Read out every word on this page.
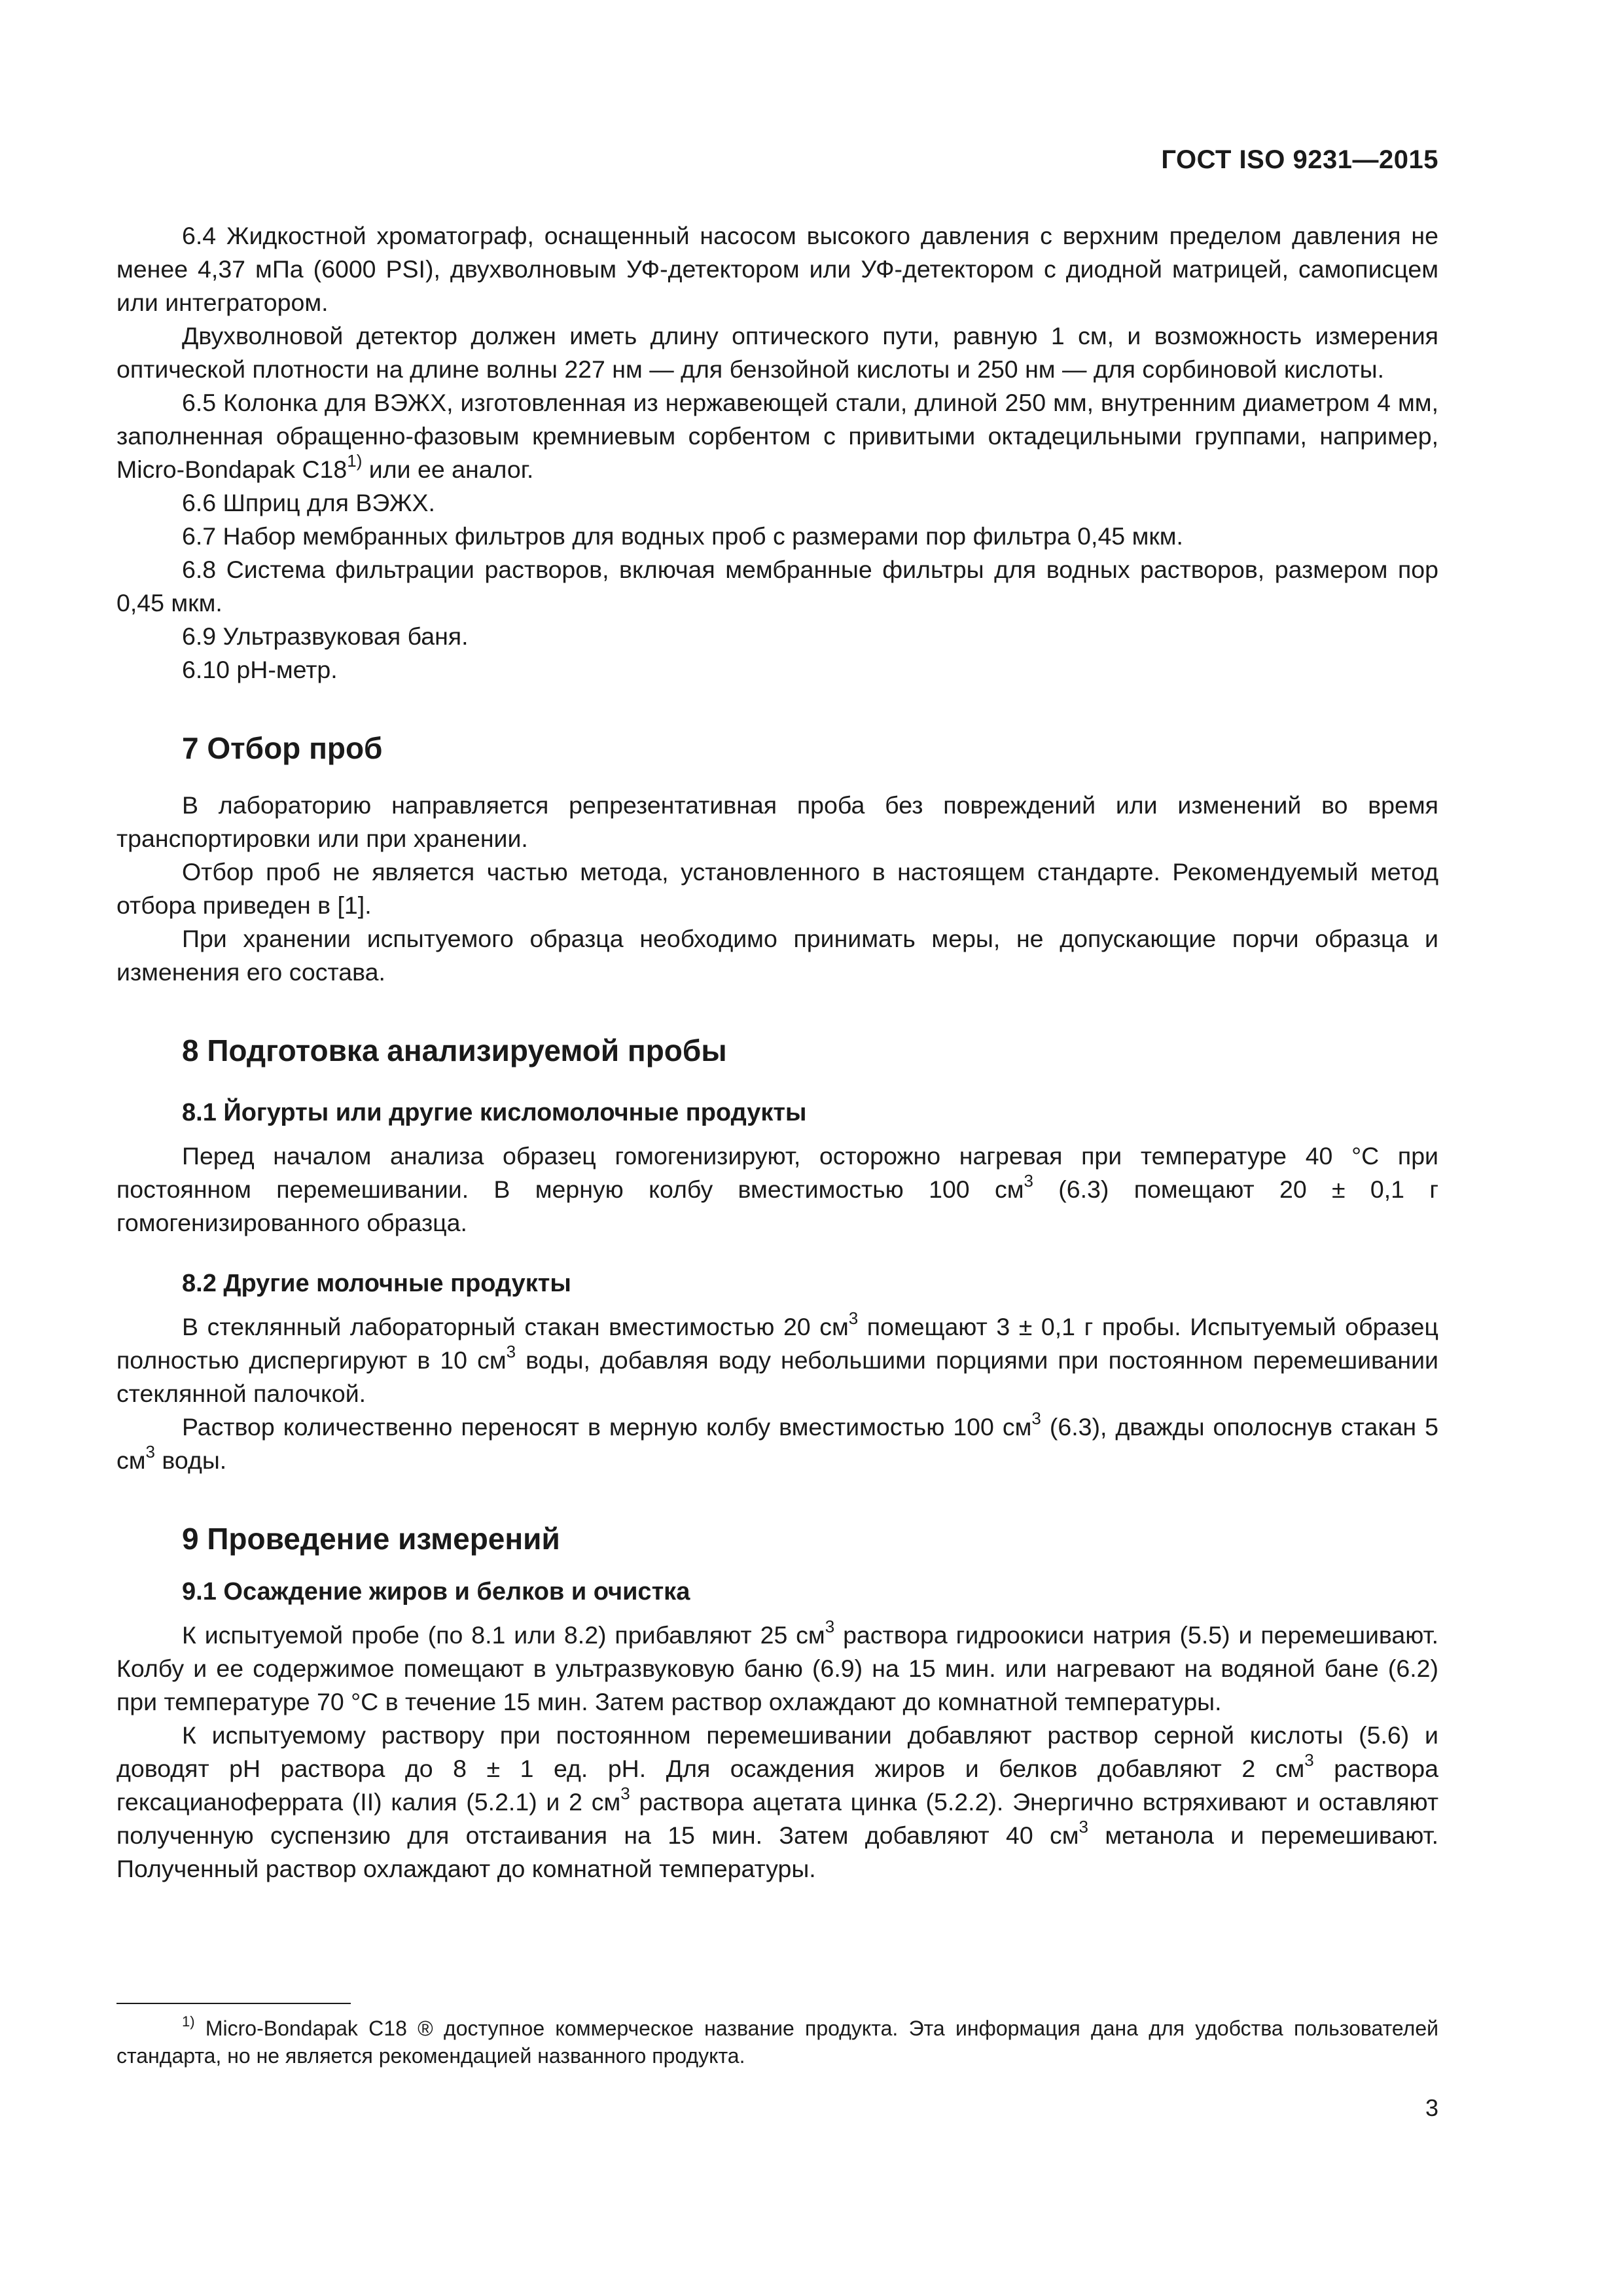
ГОСТ ISO 9231—2015

6.4 Жидкостной хроматограф, оснащенный насосом высокого давления с верхним пределом давления не менее 4,37 мПа (6000 PSI), двухволновым УФ-детектором или УФ-детектором с диодной матрицей, самописцем или интегратором.

Двухволновой детектор должен иметь длину оптического пути, равную 1 см, и возможность измерения оптической плотности на длине волны 227 нм — для бензойной кислоты и 250 нм — для сорбиновой кислоты.

6.5 Колонка для ВЭЖХ, изготовленная из нержавеющей стали, длиной 250 мм, внутренним диаметром 4 мм, заполненная обращенно-фазовым кремниевым сорбентом с привитыми октадецильными группами, например, Micro-Bondapak C18$^{1)}$ или ее аналог.

6.6 Шприц для ВЭЖХ.

6.7 Набор мембранных фильтров для водных проб с размерами пор фильтра 0,45 мкм.

6.8 Система фильтрации растворов, включая мембранные фильтры для водных растворов, размером пор 0,45 мкм.

6.9 Ультразвуковая баня.

6.10 pH-метр.

7 Отбор проб

В лабораторию направляется репрезентативная проба без повреждений или изменений во время транспортировки или при хранении.

Отбор проб не является частью метода, установленного в настоящем стандарте. Рекомендуемый метод отбора приведен в [1].

При хранении испытуемого образца необходимо принимать меры, не допускающие порчи образца и изменения его состава.

8 Подготовка анализируемой пробы
8.1 Йогурты или другие кисломолочные продукты

Перед началом анализа образец гомогенизируют, осторожно нагревая при температуре 40 °С при постоянном перемешивании. В мерную колбу вместимостью 100 $см^3$ (6.3) помещают 20 ± 0,1 г гомогенизированного образца.

8.2 Другие молочные продукты

В стеклянный лабораторный стакан вместимостью 20 $см^3$ помещают 3 ± 0,1 г пробы. Испытуемый образец полностью диспергируют в 10 $см^3$ воды, добавляя воду небольшими порциями при постоянном перемешивании стеклянной палочкой.

Раствор количественно переносят в мерную колбу вместимостью 100 $см^3$ (6.3), дважды ополоснув стакан 5 $см^3$ воды.

9 Проведение измерений
9.1 Осаждение жиров и белков и очистка

К испытуемой пробе (по 8.1 или 8.2) прибавляют 25 $см^3$ раствора гидроокиси натрия (5.5) и перемешивают. Колбу и ее содержимое помещают в ультразвуковую баню (6.9) на 15 мин. или нагревают на водяной бане (6.2) при температуре 70 °С в течение 15 мин. Затем раствор охлаждают до комнатной температуры.

К испытуемому раствору при постоянном перемешивании добавляют раствор серной кислоты (5.6) и доводят pH раствора до 8 ± 1 ед. pH. Для осаждения жиров и белков добавляют 2 $см^3$ раствора гексацианоферрата (II) калия (5.2.1) и 2 $см^3$ раствора ацетата цинка (5.2.2). Энергично встряхивают и оставляют полученную суспензию для отстаивания на 15 мин. Затем добавляют 40 $см^3$ метанола и перемешивают. Полученный раствор охлаждают до комнатной температуры.

$^{1)}$ Micro-Bondapak C18 ® доступное коммерческое название продукта. Эта информация дана для удобства пользователей стандарта, но не является рекомендацией названного продукта.

3
